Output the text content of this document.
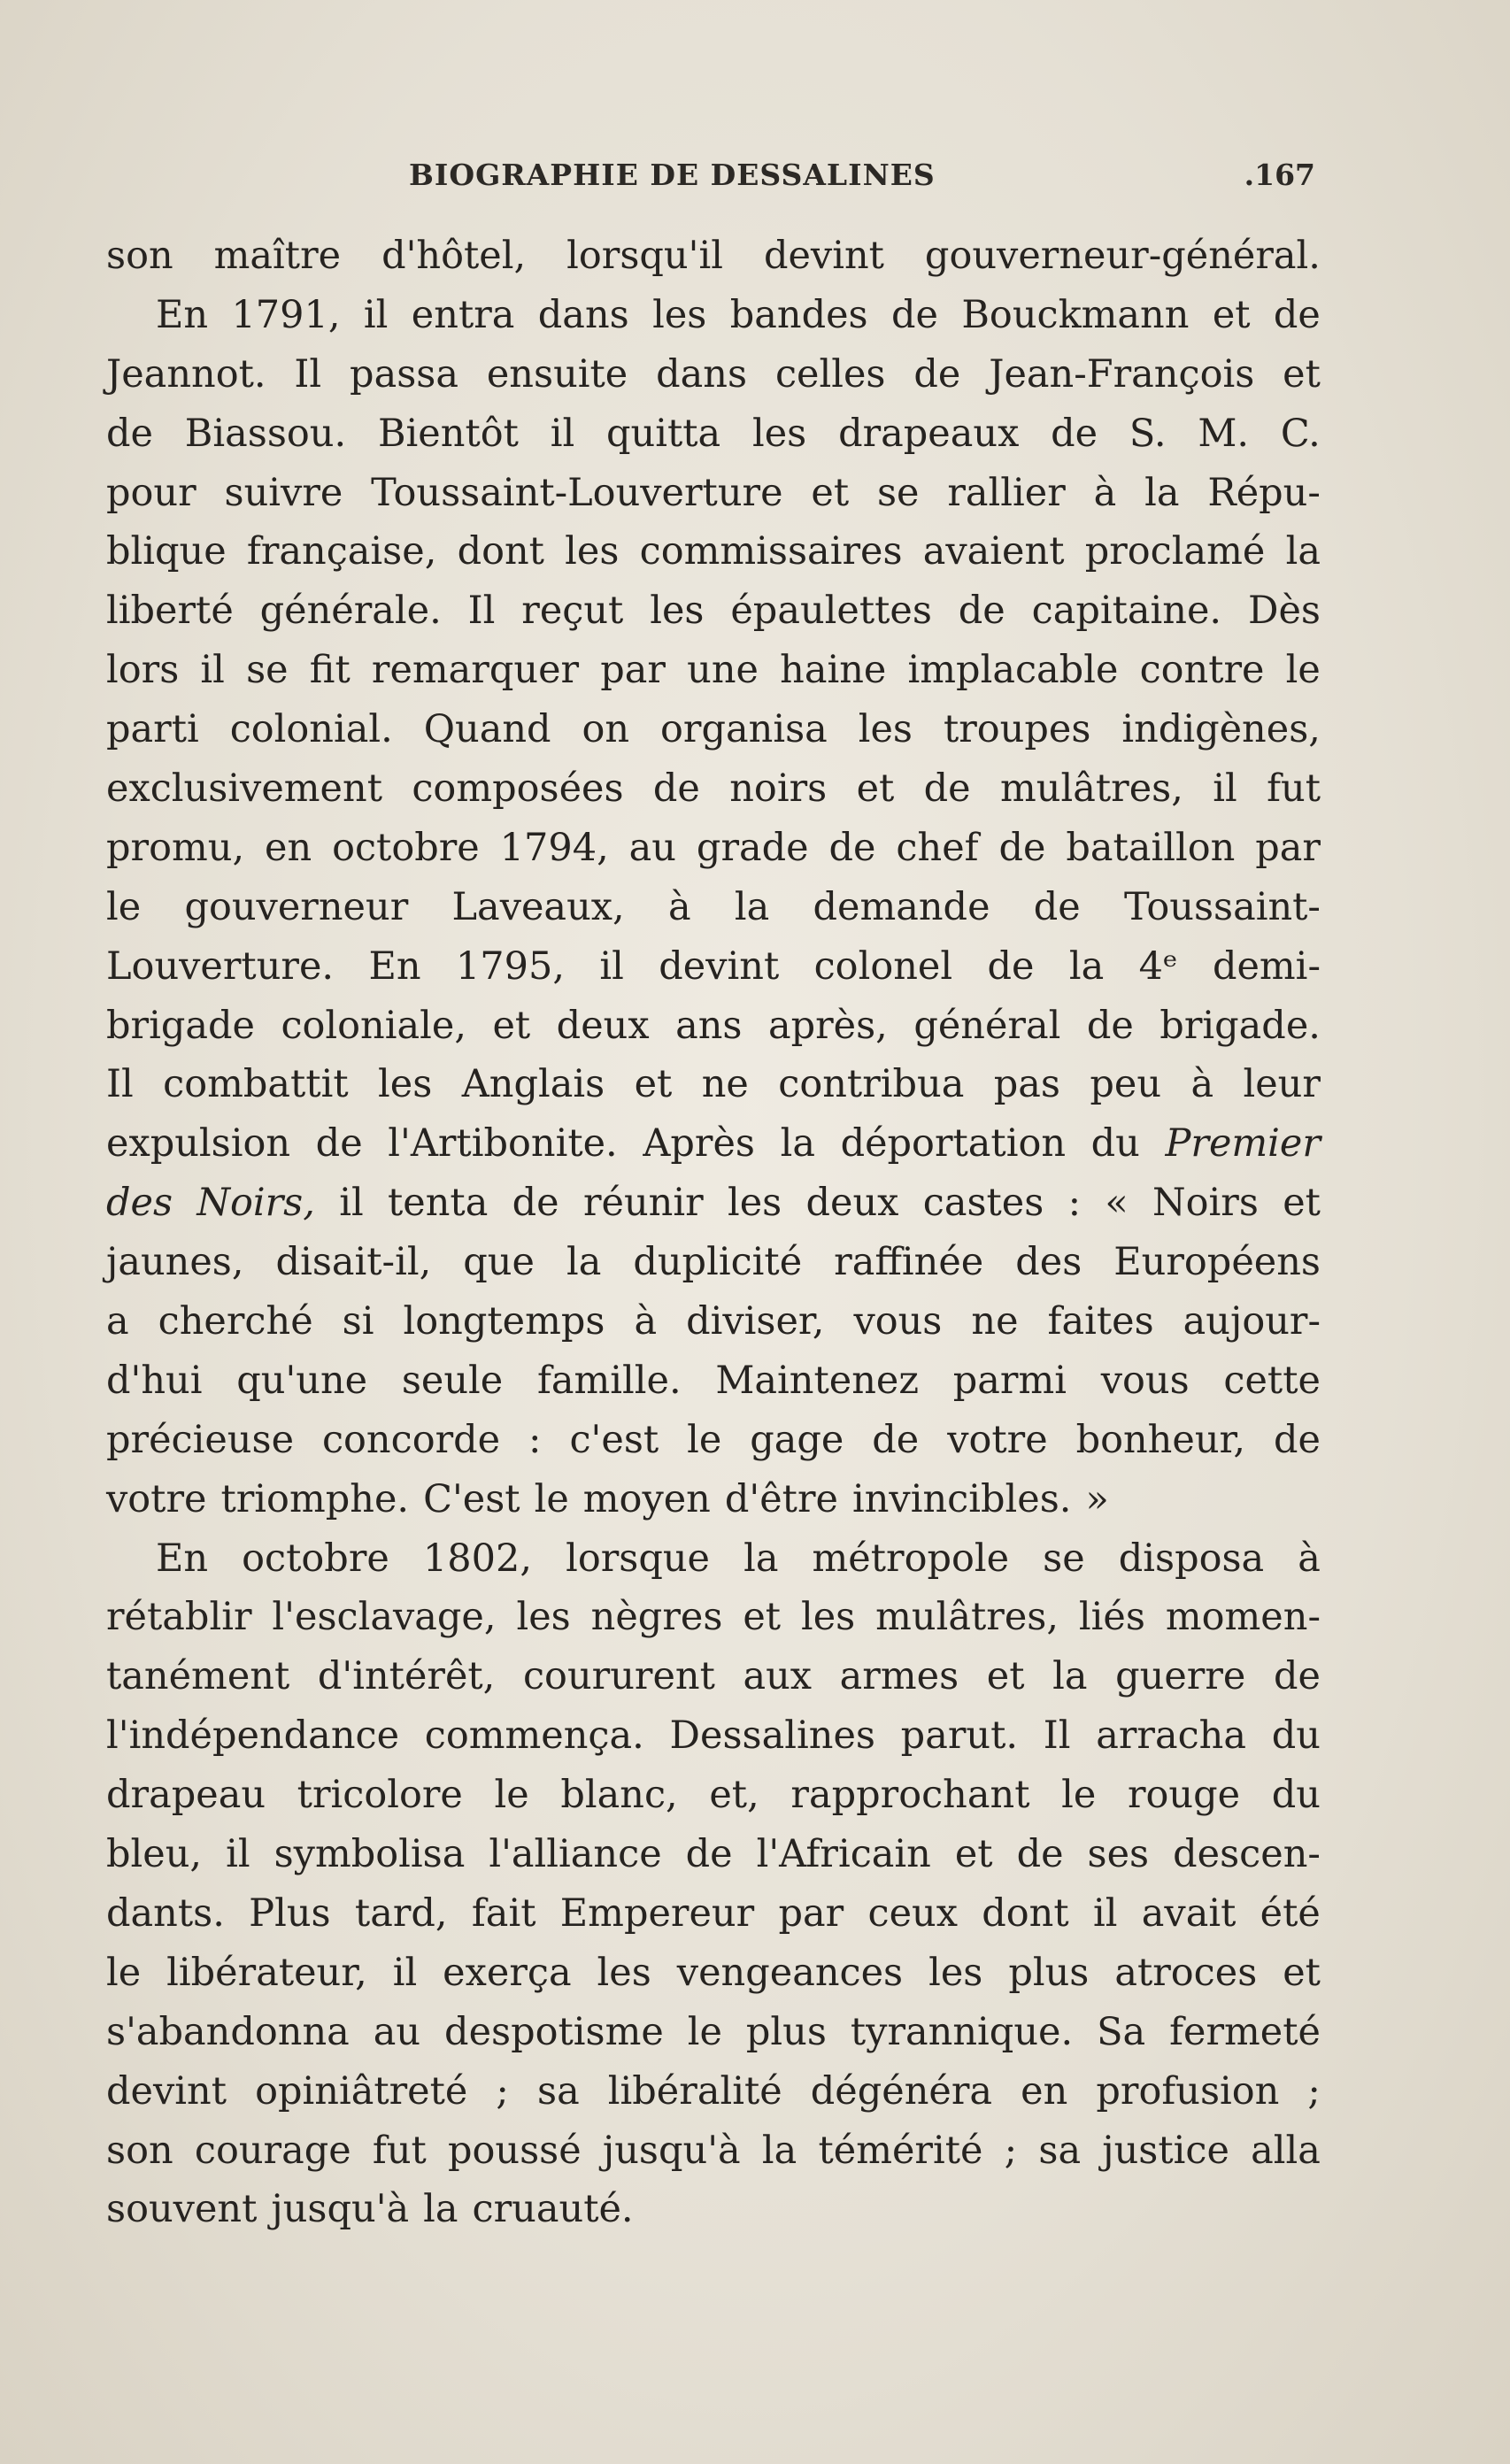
BIOGRAPHIE DE DESSALINES	.167
son maître d'hôtel, lorsqu'il devint gouverneur-général.
En 1791, il entra dans les bandes de Bouckmann et de
Jeannot. Il passa ensuite dans celles de Jean-François et
de Biassou. Bientôt il quitta les drapeaux de S. M. C.
pour suivre Toussaint-Louverture et se rallier à la Répu-
blique française, dont les commissaires avaient proclamé la
liberté générale. Il reçut les épaulettes de capitaine. Dès
lors il se fit remarquer par une haine implacable contre le
parti colonial. Quand on organisa les troupes indigènes,
exclusivement composées de noirs et de mulâtres, il fut
promu, en octobre 1794, au grade de chef de bataillon par
le gouverneur Laveaux, à la demande de Toussaint-
Louverture. En 1795, il devint colonel de la 4ᵉ demi-
brigade coloniale, et deux ans après, général de brigade.
Il combattit les Anglais et ne contribua pas peu à leur
expulsion de l'Artibonite. Après la déportation du Premier
des Noirs, il tenta de réunir les deux castes : « Noirs et
jaunes, disait-il, que la duplicité raffinée des Européens
a cherché si longtemps à diviser, vous ne faites aujour-
d'hui qu'une seule famille. Maintenez parmi vous cette
précieuse concorde : c'est le gage de votre bonheur, de
votre triomphe. C'est le moyen d'être invincibles. »
En octobre 1802, lorsque la métropole se disposa à
rétablir l'esclavage, les nègres et les mulâtres, liés momen-
tanément d'intérêt, coururent aux armes et la guerre de
l'indépendance commença. Dessalines parut. Il arracha du
drapeau tricolore le blanc, et, rapprochant le rouge du
bleu, il symbolisa l'alliance de l'Africain et de ses descen-
dants. Plus tard, fait Empereur par ceux dont il avait été
le libérateur, il exerça les vengeances les plus atroces et
s'abandonna au despotisme le plus tyrannique. Sa fermeté
devint opiniâtreté ; sa libéralité dégénéra en profusion ;
son courage fut poussé jusqu'à la témérité ; sa justice alla
souvent jusqu'à la cruauté.
